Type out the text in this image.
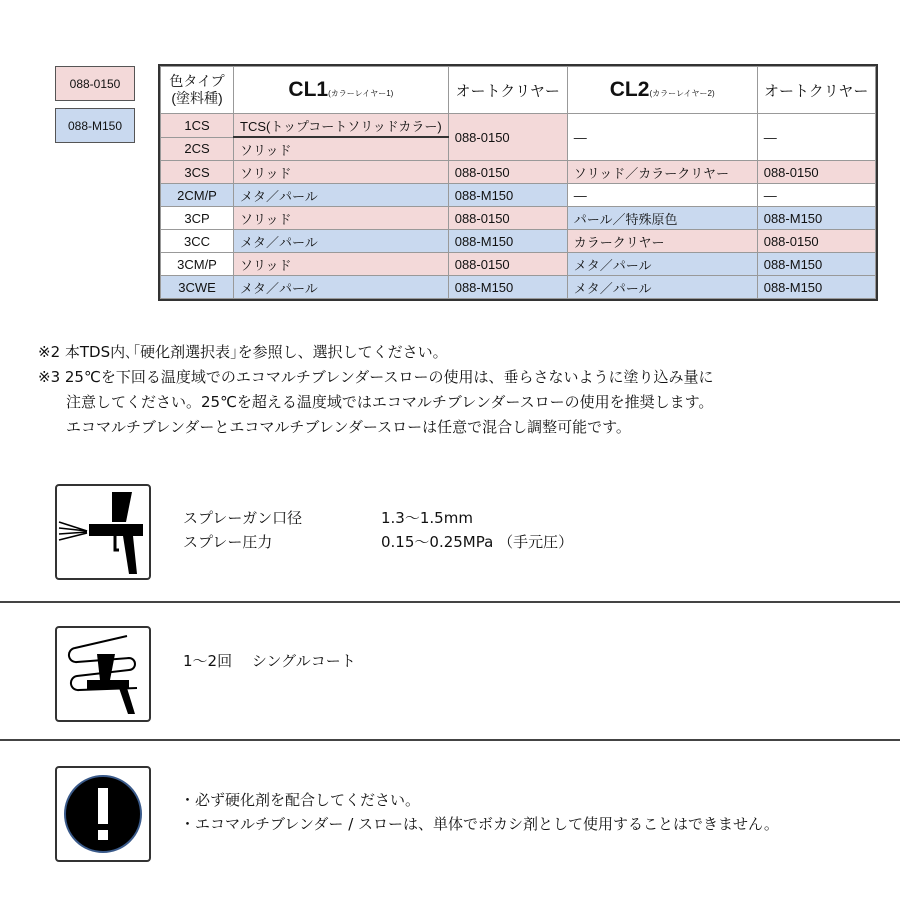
088-0150
088-M150
色タイプ
(塗料種)	CL1(カラーレイヤー1)	オートクリヤー	CL2(カラーレイヤー2)	オートクリヤー
1CS	TCS(トップコートソリッドカラー)	088-0150	—	—
2CS	ソリッド			
3CS	ソリッド	088-0150	ソリッド／カラークリヤー	088-0150
2CM/P	メタ／パール	088-M150	—	—
3CP	ソリッド	088-0150	パール／特殊原色	088-M150
3CC	メタ／パール	088-M150	カラークリヤー	088-0150
3CM/P	ソリッド	088-0150	メタ／パール	088-M150
3CWE	メタ／パール	088-M150	メタ／パール	088-M150
※2 本TDS内､｢硬化剤選択表｣を参照し、選択してください。
※3 25℃を下回る温度域でのエコマルチブレンダースローの使用は、垂らさないように塗り込み量に
注意してください。25℃を超える温度域ではエコマルチブレンダースローの使用を推奨します。
エコマルチブレンダーとエコマルチブレンダースローは任意で混合し調整可能です。
スプレーガン口径	1.3～1.5mm
スプレー圧力	0.15～0.25MPa （手元圧）
1～2回　 シングルコート
・必ず硬化剤を配合してください。
・エコマルチブレンダー / スローは、単体でボカシ剤として使用することはできません。
